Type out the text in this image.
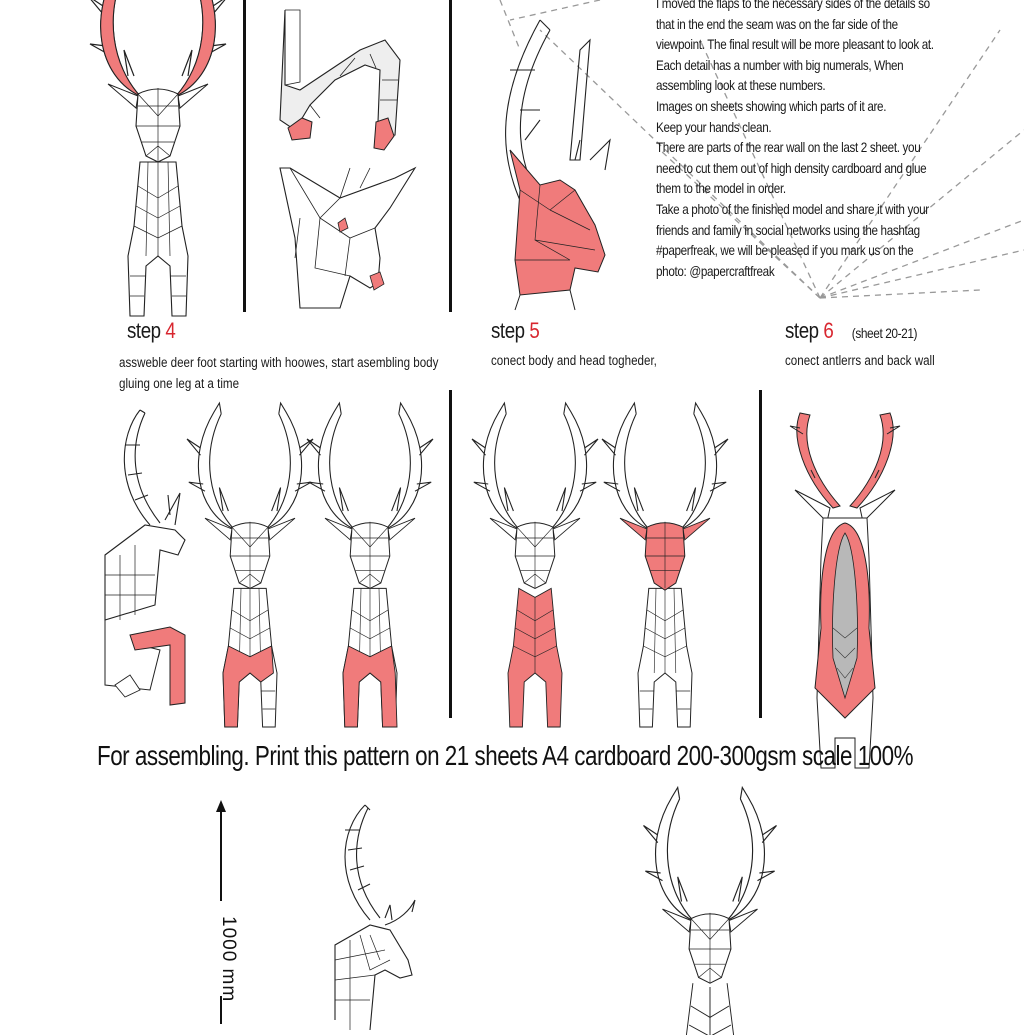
I moved the flaps to the necessary sides of the details so
that in the end the seam was on the far side of the
viewpoint. The final result will be more pleasant to look at.
Each detail has a number with big numerals, When
assembling look at these numbers.
Images on sheets showing which parts of it are.
Keep your hands clean.
There are parts of the rear wall on the last 2 sheet. you
need to cut them out of high density cardboard and glue
them to the model in order.
Take a photo of the finished model and share it with your
friends and family in social networks using the hashtag
#paperfreak, we will be pleased if you mark us on the
photo: @papercraftfreak
step 4
assweble deer foot starting with hoowes, start asembling body
gluing one leg at a time
step 5
conect body and head togheder,
step 6 (sheet 20-21)
conect antlerrs and back wall
For assembling. Print this pattern on 21 sheets A4 cardboard 200-300gsm scale 100%
1000 mm
